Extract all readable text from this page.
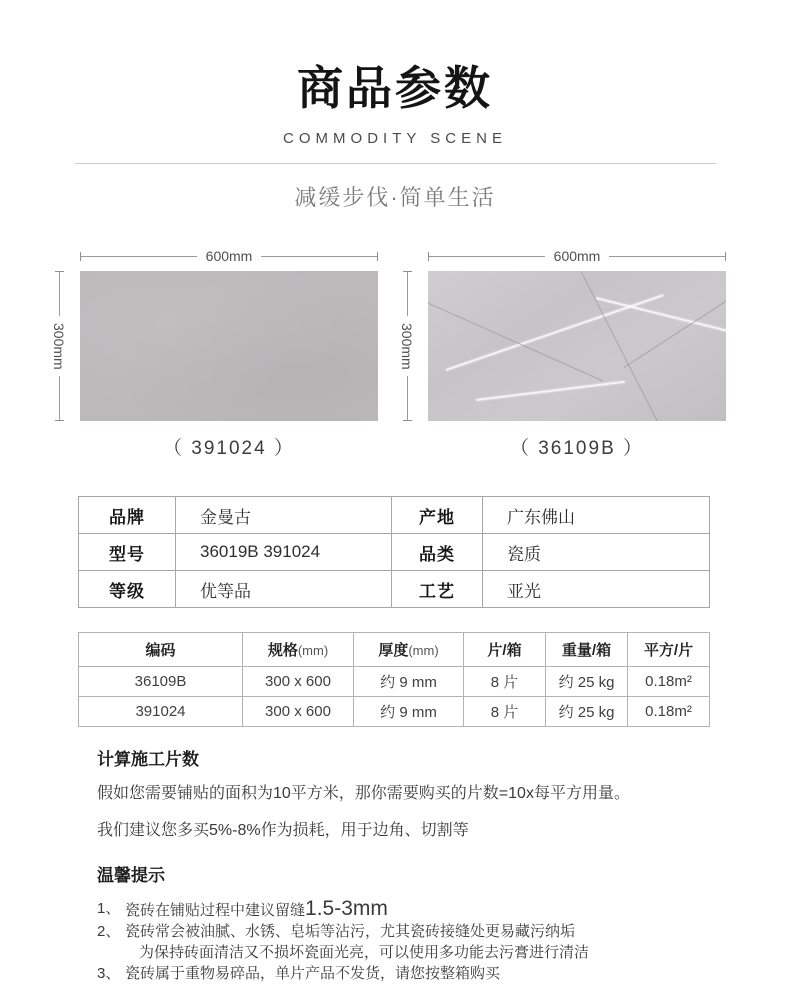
商品参数
COMMODITY SCENE
减缓步伐·简单生活
600mm
300mm
（ 391024 ）
600mm
300mm
（ 36109B ）
品牌	金曼古	产地	广东佛山
型号	36019B 391024	品类	瓷质
等级	优等品	工艺	亚光
编码	规格(mm)	厚度(mm)	片/箱	重量/箱	平方/片
36109B	300 x 600	约 9 mm	8 片	约 25 kg	0.18m²
391024	300 x 600	约 9 mm	8 片	约 25 kg	0.18m²
计算施工片数

假如您需要铺贴的面积为10平方米，那你需要购买的片数=10x每平方用量。

我们建议您多买5%-8%作为损耗，用于边角、切割等

温馨提示
1、 瓷砖在铺贴过程中建议留缝1.5-3mm
2、 瓷砖常会被油腻、水锈、皂垢等沾污，尤其瓷砖接缝处更易藏污纳垢
为保持砖面清洁又不损坏瓷面光亮，可以使用多功能去污膏进行清洁
3、 瓷砖属于重物易碎品，单片产品不发货，请您按整箱购买
